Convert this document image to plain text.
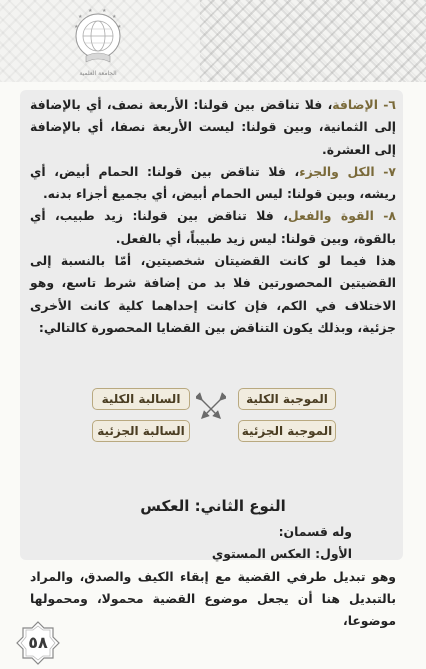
★
★
★ ★
★
★
الجامعة العلمية

٦- الإضافة، فلا تناقض بين قولنا: الأربعة نصف، أي بالإضافة إلى الثمانية، وبين قولنا: ليست الأربعة نصفا، أي بالإضافة إلى العشرة.

٧- الكل والجزء، فلا تناقض بين قولنا: الحمام أبيض، أي ريشه، وبين قولنا: ليس الحمام أبيض، أي بجميع أجزاء بدنه.

٨- القوة والفعل، فلا تناقض بين قولنا: زيد طبيب، أي بالقوة، وبين قولنا: ليس زيد طبيباً، أي بالفعل.

هذا فيما لو كانت القضيتان شخصيتين، أمّا بالنسبة إلى القضيتين المحصورتين فلا بد من إضافة شرط تاسع، وهو الاختلاف في الكم، فإن كانت إحداهما كلية كانت الأخرى جزئية، وبذلك يكون التناقض بين القضايا المحصورة كالتالي:

الموجبة الكلية
السالبة الكلية
الموجبة الجزئية
السالبة الجزئية
النوع الثاني: العكس
وله قسمان:
الأول: العكس المستوي
وهو تبديل طرفي القضية مع إبقاء الكيف والصدق، والمراد بالتبديل هنا أن يجعل موضوع القضية محمولا، ومحمولها موضوعا،
٥٨
